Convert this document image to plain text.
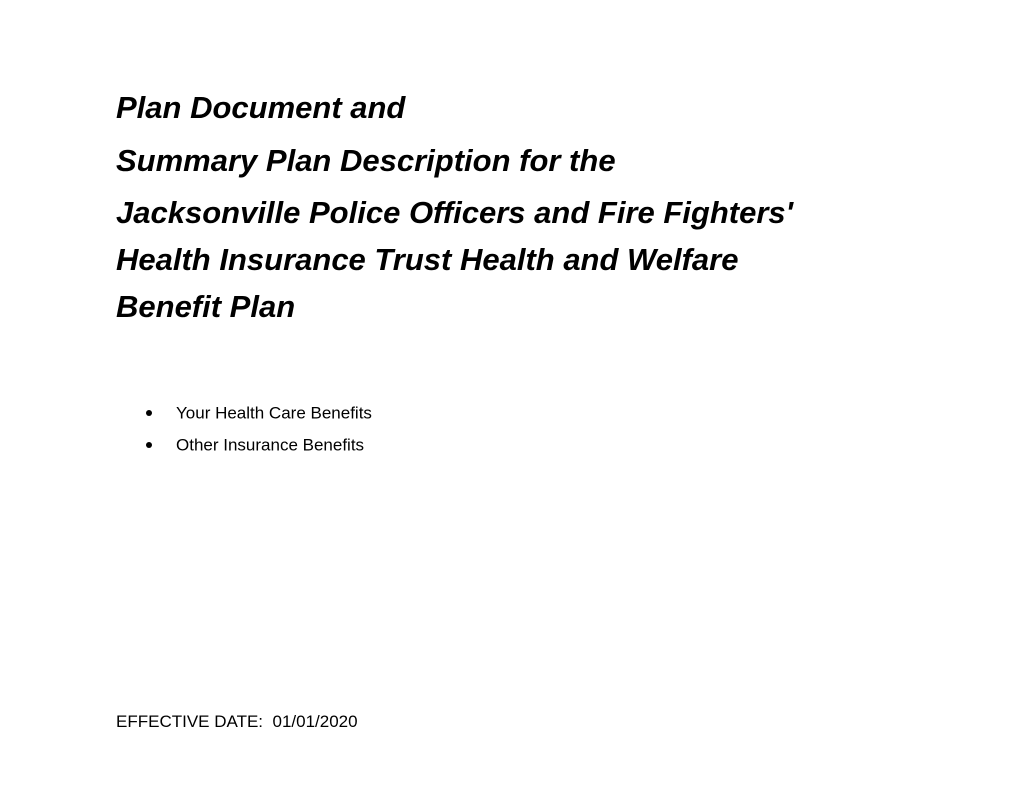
Plan Document and
Summary Plan Description for the
Jacksonville Police Officers and Fire Fighters'
Health Insurance Trust Health and Welfare
Benefit Plan
Your Health Care Benefits
Other Insurance Benefits
EFFECTIVE DATE: 01/01/2020
